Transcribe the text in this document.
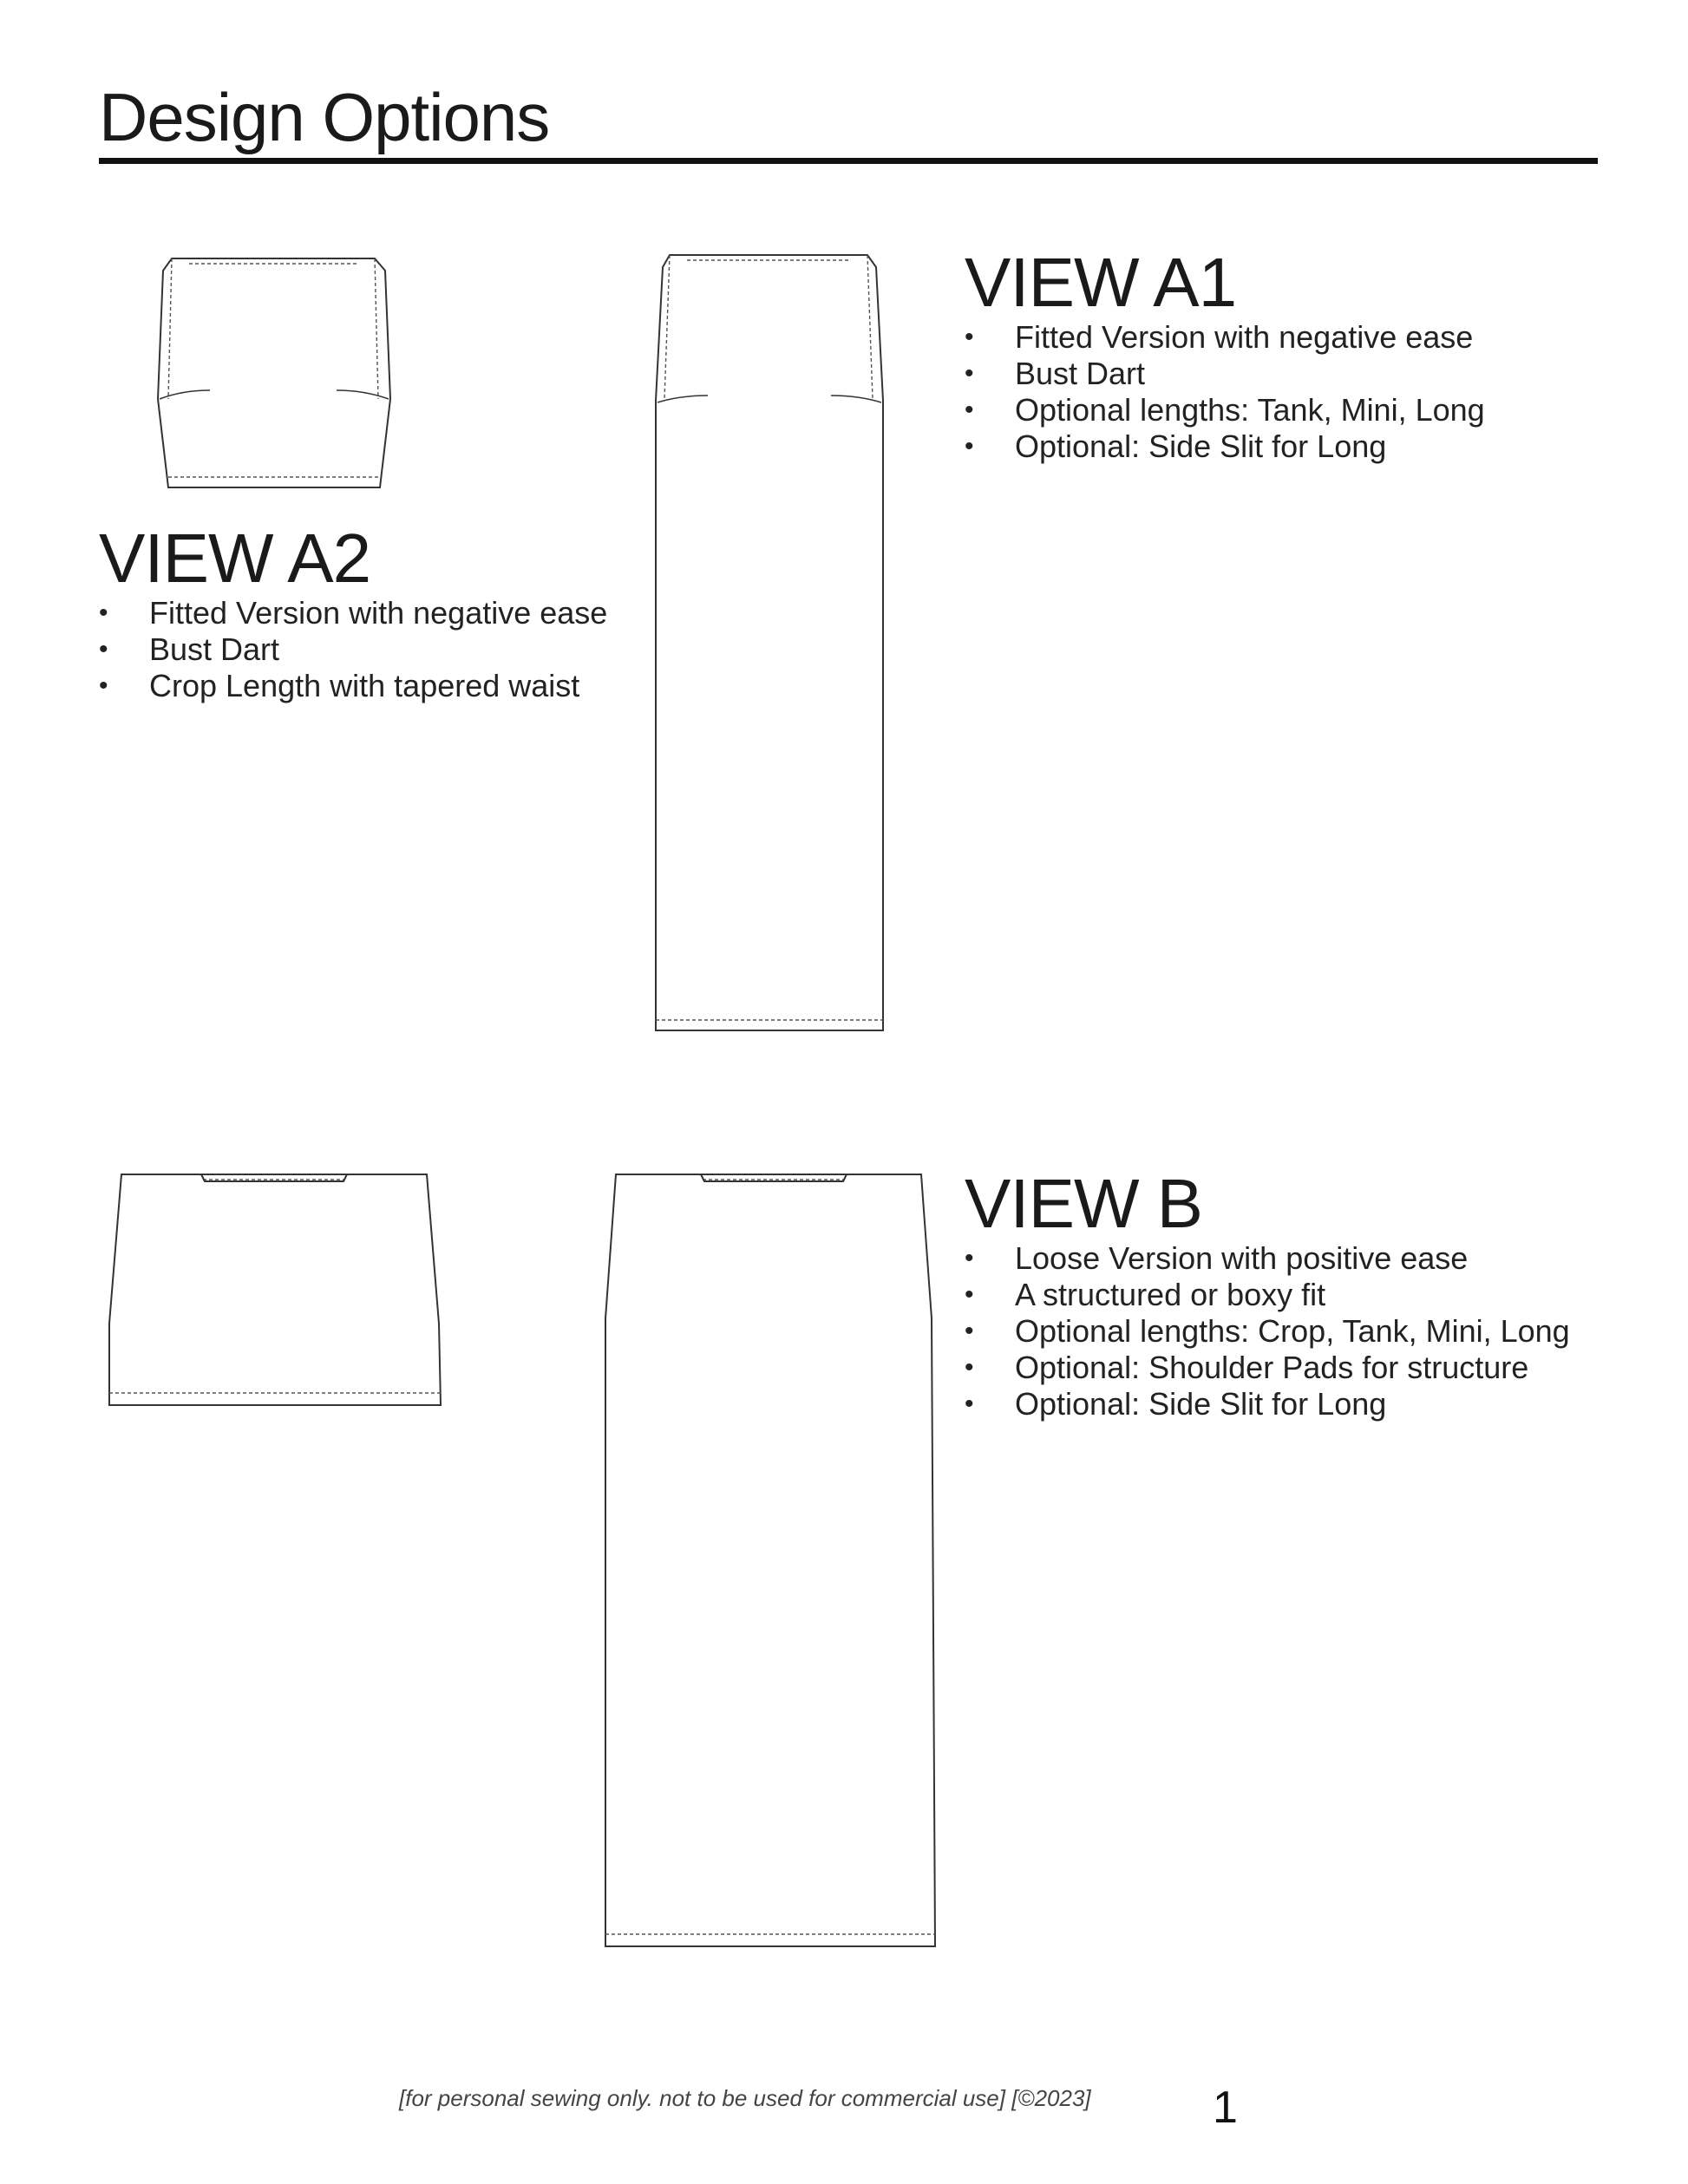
Design Options
VIEW A1
• Fitted Version with negative ease
• Bust Dart
• Optional lengths: Tank, Mini, Long
• Optional: Side Slit for Long
VIEW A2
• Fitted Version with negative ease
• Bust Dart
• Crop Length with tapered waist
VIEW B
• Loose Version with positive ease
• A structured or boxy fit
• Optional lengths: Crop, Tank, Mini, Long
• Optional: Shoulder Pads for structure
• Optional: Side Slit for Long
[for personal sewing only. not to be used for commercial use] [©2023]	1
